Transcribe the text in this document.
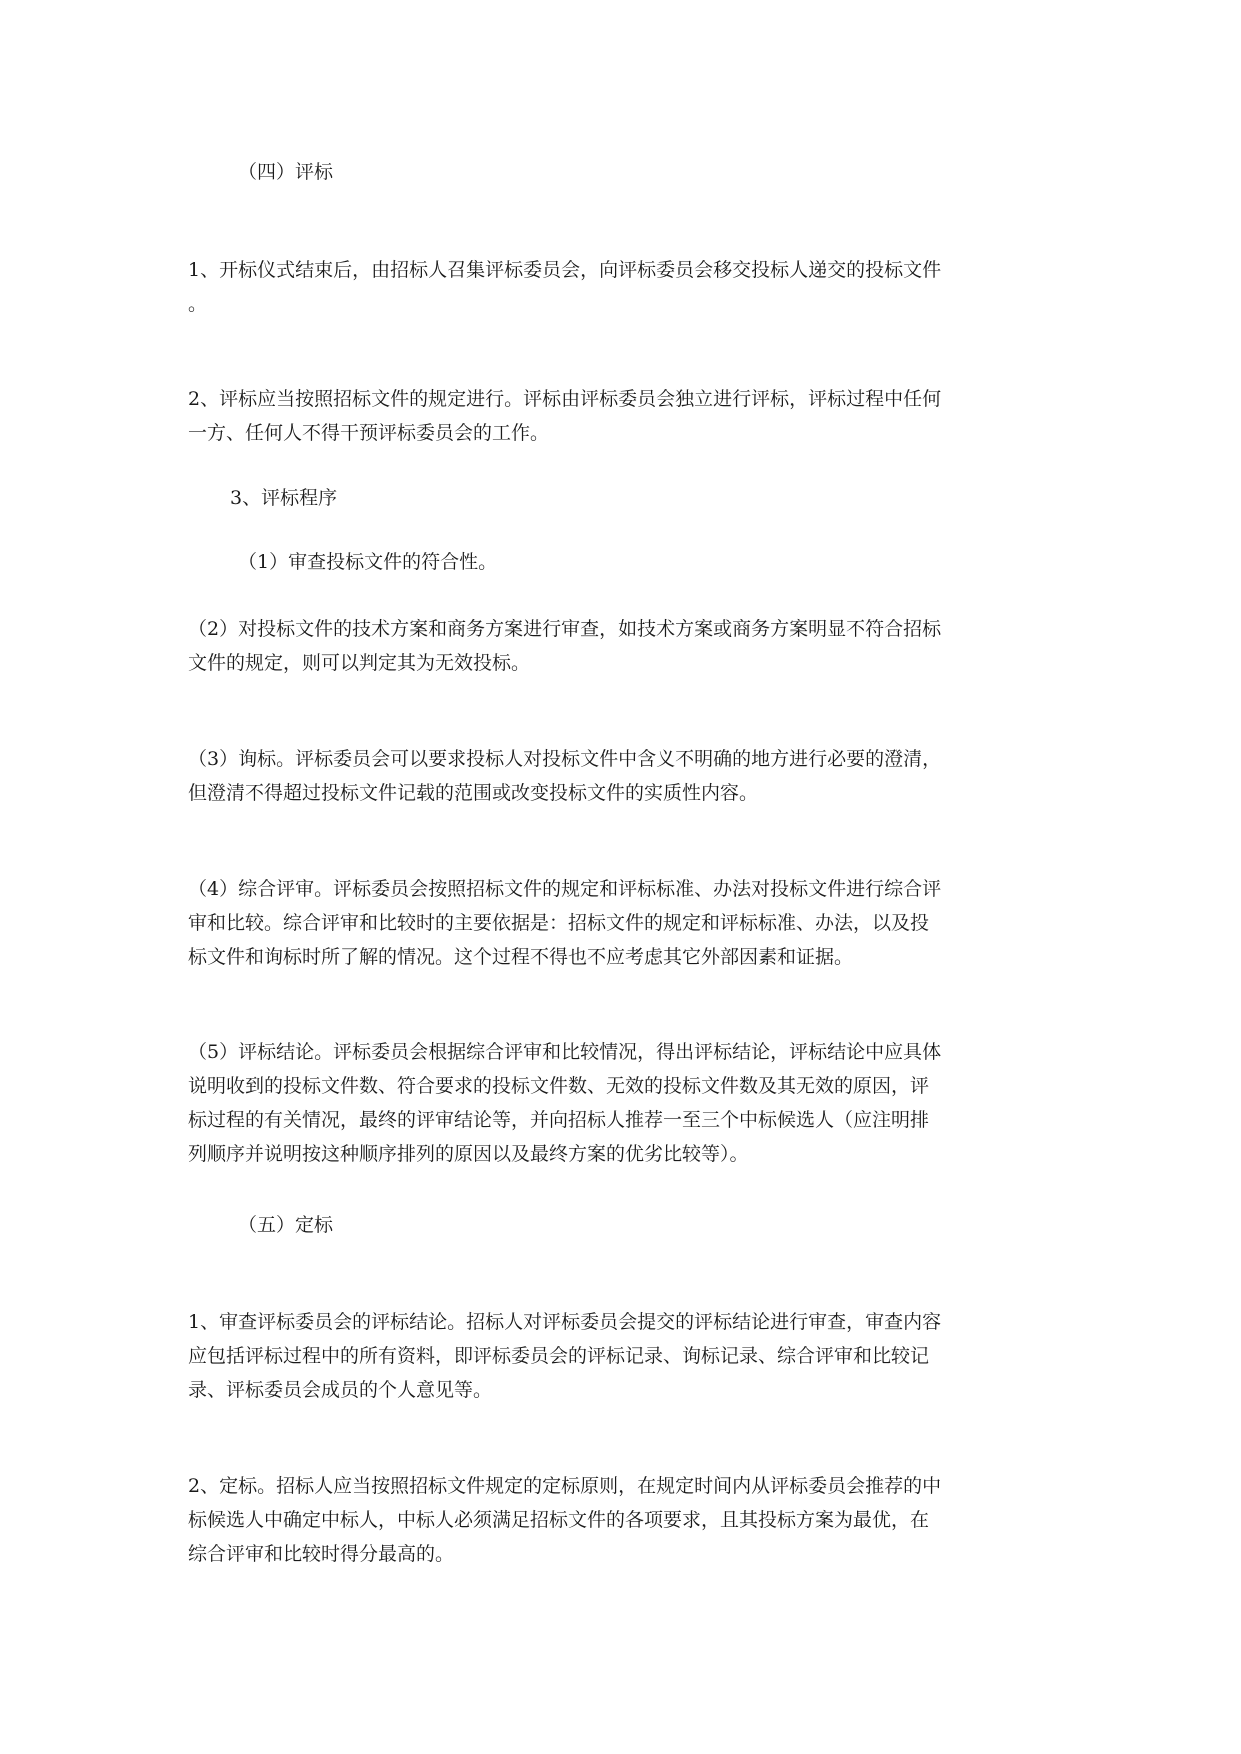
（四）评标
1、开标仪式结束后，由招标人召集评标委员会，向评标委员会移交投标人递交的投标文件
。
2、评标应当按照招标文件的规定进行。评标由评标委员会独立进行评标，评标过程中任何
一方、任何人不得干预评标委员会的工作。
3、评标程序
（1）审查投标文件的符合性。
（2）对投标文件的技术方案和商务方案进行审查，如技术方案或商务方案明显不符合招标
文件的规定，则可以判定其为无效投标。
（3）询标。评标委员会可以要求投标人对投标文件中含义不明确的地方进行必要的澄清，
但澄清不得超过投标文件记载的范围或改变投标文件的实质性内容。
（4）综合评审。评标委员会按照招标文件的规定和评标标准、办法对投标文件进行综合评
审和比较。综合评审和比较时的主要依据是：招标文件的规定和评标标准、办法，以及投
标文件和询标时所了解的情况。这个过程不得也不应考虑其它外部因素和证据。
（5）评标结论。评标委员会根据综合评审和比较情况，得出评标结论，评标结论中应具体
说明收到的投标文件数、符合要求的投标文件数、无效的投标文件数及其无效的原因，评
标过程的有关情况，最终的评审结论等，并向招标人推荐一至三个中标候选人（应注明排
列顺序并说明按这种顺序排列的原因以及最终方案的优劣比较等）。
（五）定标
1、审查评标委员会的评标结论。招标人对评标委员会提交的评标结论进行审查，审查内容
应包括评标过程中的所有资料，即评标委员会的评标记录、询标记录、综合评审和比较记
录、评标委员会成员的个人意见等。
2、定标。招标人应当按照招标文件规定的定标原则，在规定时间内从评标委员会推荐的中
标候选人中确定中标人，中标人必须满足招标文件的各项要求，且其投标方案为最优，在
综合评审和比较时得分最高的。
